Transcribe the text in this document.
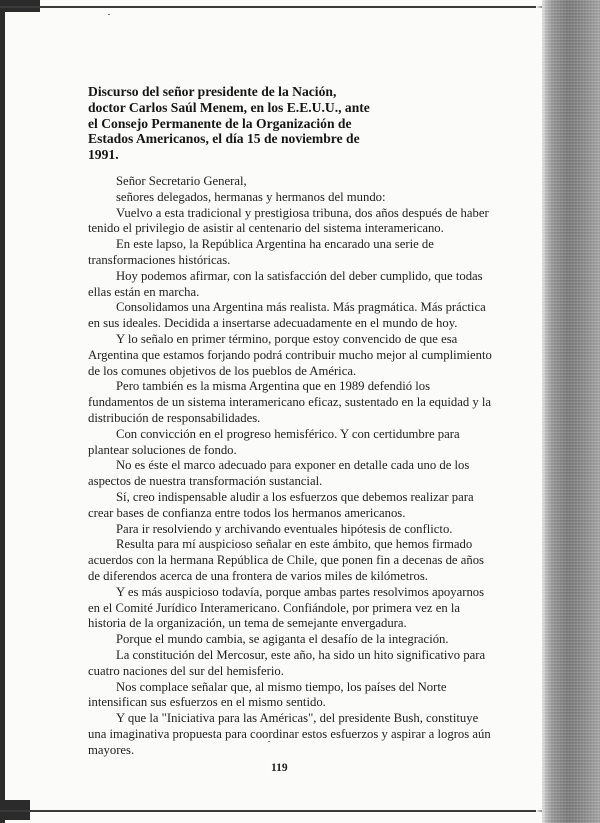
Discurso del señor presidente de la Nación,
doctor Carlos Saúl Menem, en los E.E.U.U., ante
el Consejo Permanente de la Organización de
Estados Americanos, el día 15 de noviembre de
1991.
Señor Secretario General,
señores delegados, hermanas y hermanos del mundo:
Vuelvo a esta tradicional y prestigiosa tribuna, dos años después de haber
tenido el privilegio de asistir al centenario del sistema interamericano.
En este lapso, la República Argentina ha encarado una serie de
transformaciones históricas.
Hoy podemos afirmar, con la satisfacción del deber cumplido, que todas
ellas están en marcha.
Consolidamos una Argentina más realista. Más pragmática. Más práctica
en sus ideales. Decidida a insertarse adecuadamente en el mundo de hoy.
Y lo señalo en primer término, porque estoy convencido de que esa
Argentina que estamos forjando podrá contribuir mucho mejor al cumplimiento
de los comunes objetivos de los pueblos de América.
Pero también es la misma Argentina que en 1989 defendió los
fundamentos de un sistema interamericano eficaz, sustentado en la equidad y la
distribución de responsabilidades.
Con convicción en el progreso hemisférico. Y con certidumbre para
plantear soluciones de fondo.
No es éste el marco adecuado para exponer en detalle cada uno de los
aspectos de nuestra transformación sustancial.
Sí, creo indispensable aludir a los esfuerzos que debemos realizar para
crear bases de confianza entre todos los hermanos americanos.
Para ir resolviendo y archivando eventuales hipótesis de conflicto.
Resulta para mí auspicioso señalar en este ámbito, que hemos firmado
acuerdos con la hermana República de Chile, que ponen fin a decenas de años
de diferendos acerca de una frontera de varios miles de kilómetros.
Y es más auspicioso todavía, porque ambas partes resolvimos apoyarnos
en el Comité Jurídico Interamericano. Confiándole, por primera vez en la
historia de la organización, un tema de semejante envergadura.
Porque el mundo cambia, se agiganta el desafío de la integración.
La constitución del Mercosur, este año, ha sido un hito significativo para
cuatro naciones del sur del hemisferio.
Nos complace señalar que, al mismo tiempo, los países del Norte
intensifican sus esfuerzos en el mismo sentido.
Y que la "Iniciativa para las Américas", del presidente Bush, constituye
una imaginativa propuesta para coordinar estos esfuerzos y aspirar a logros aún
mayores.
119
